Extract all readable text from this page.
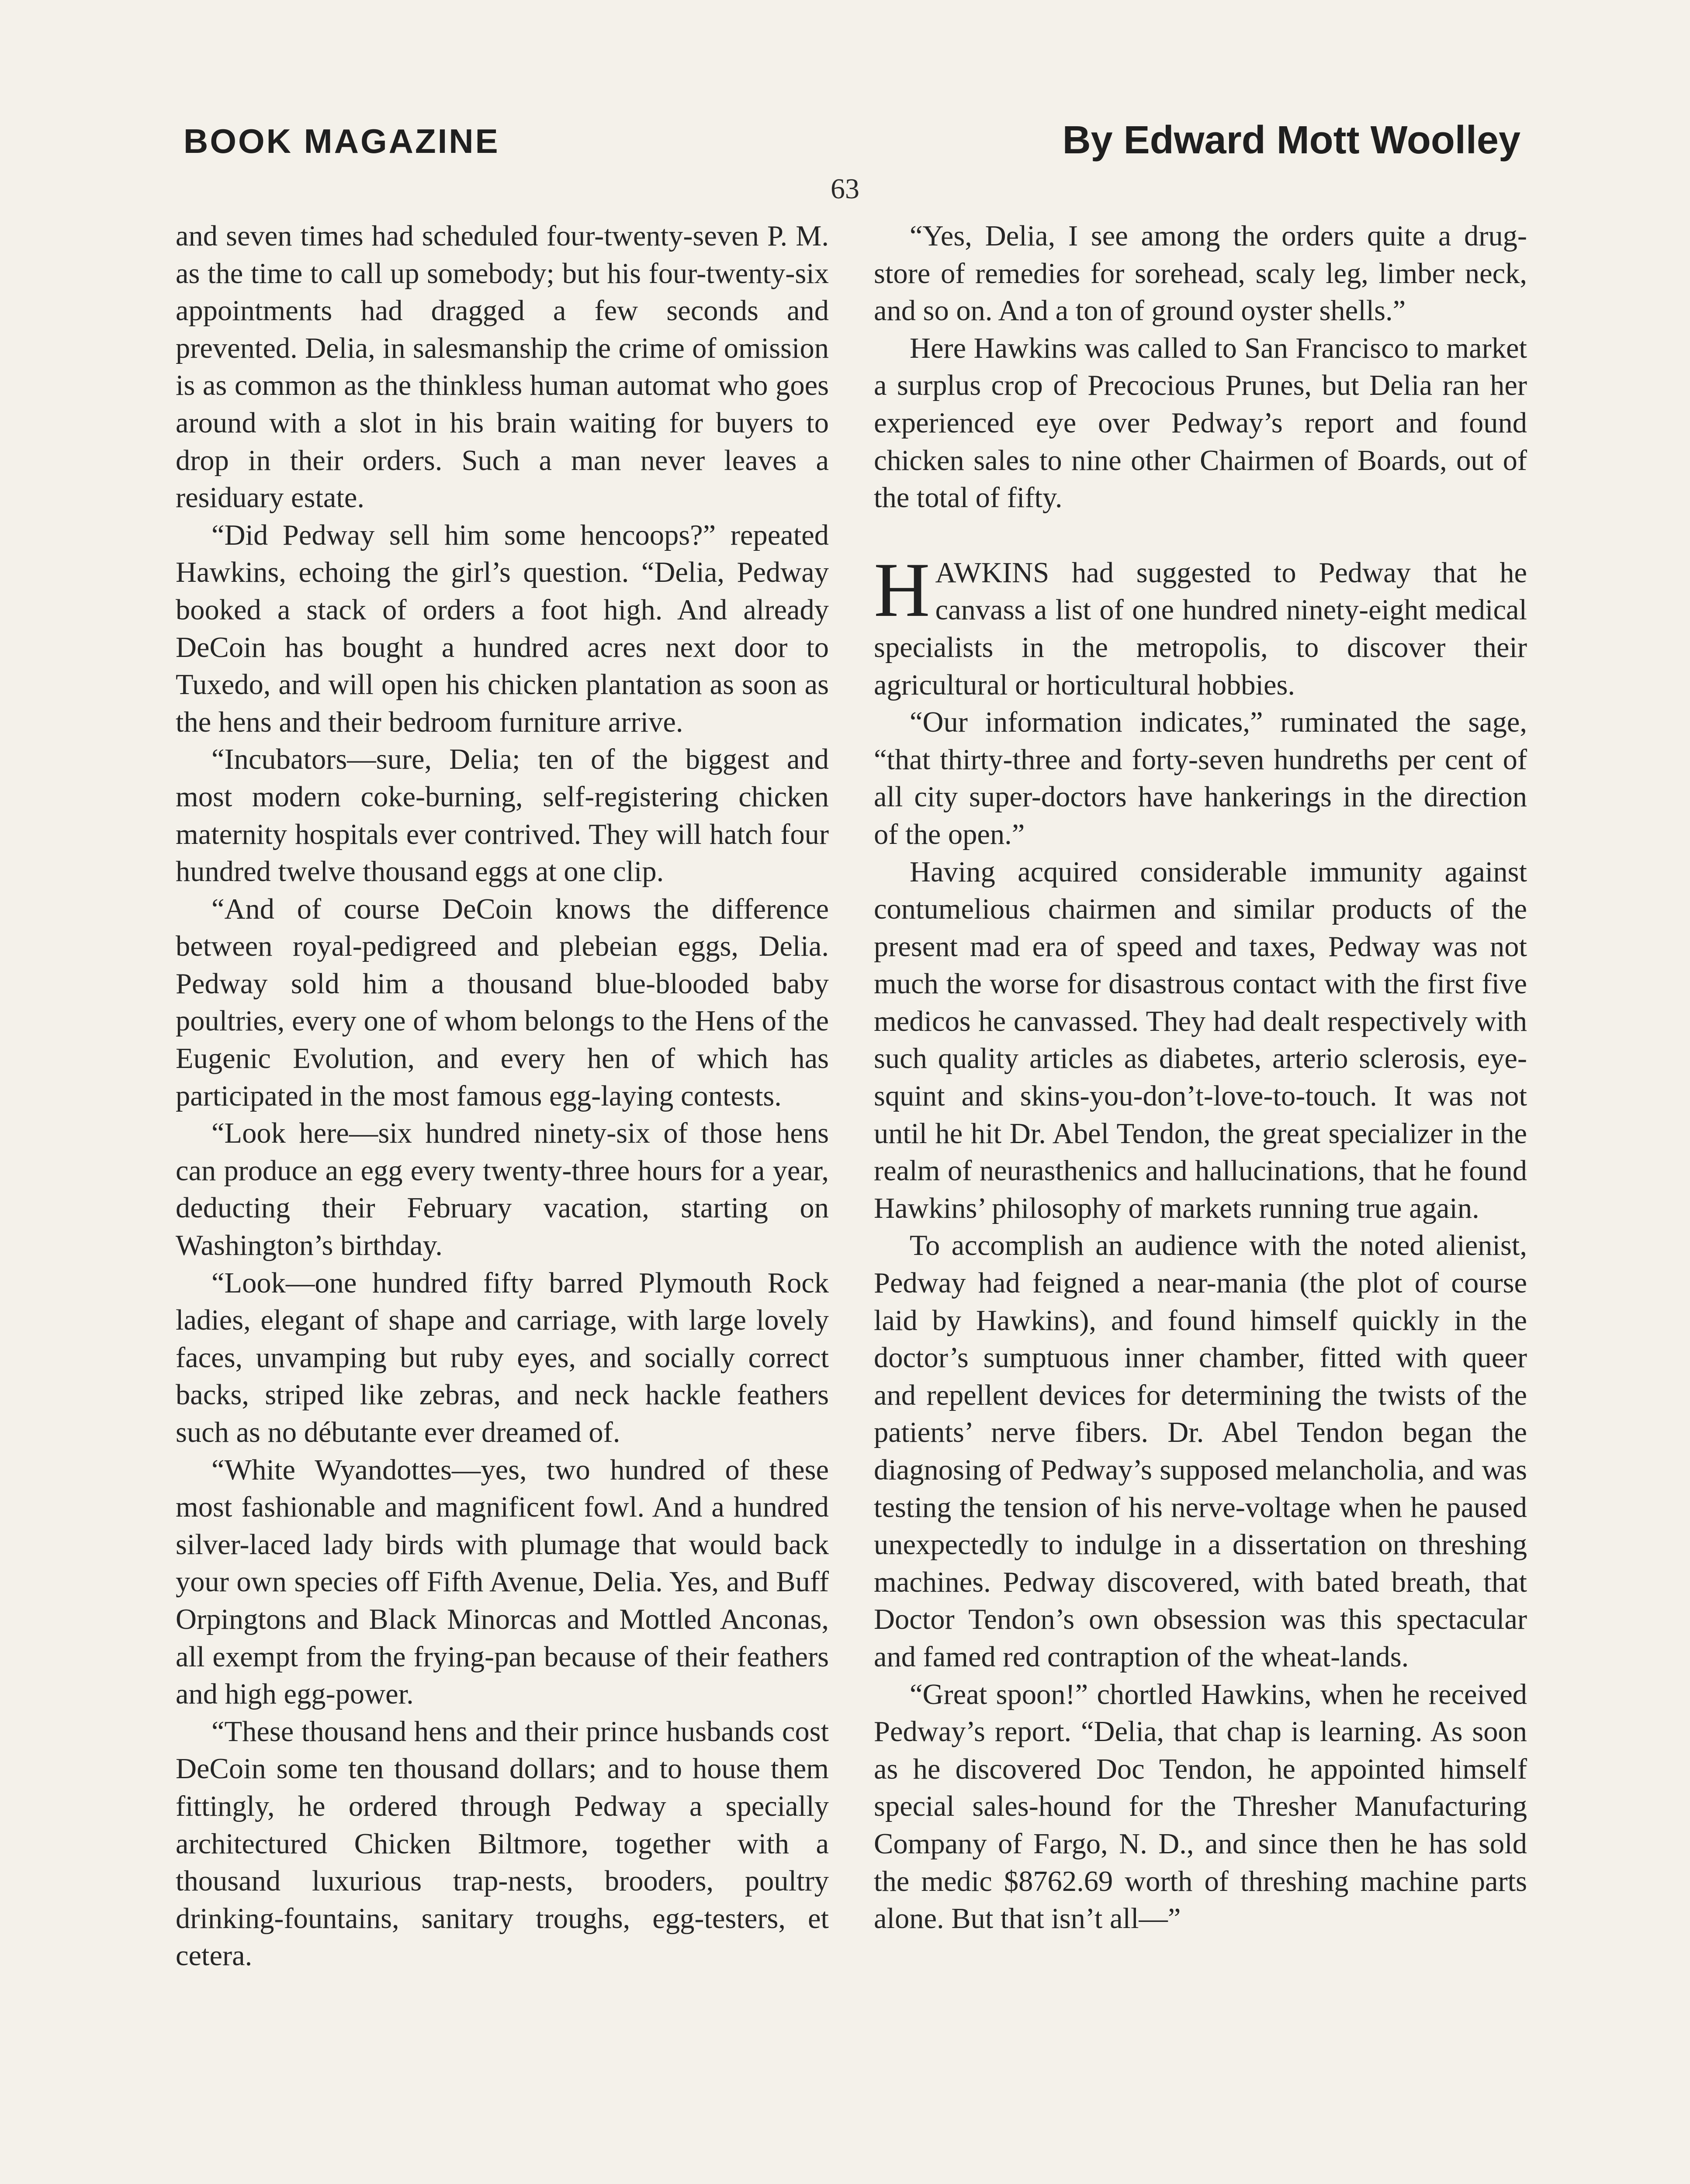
BOOK MAGAZINE	By Edward Mott Woolley
63

and seven times had scheduled four-twenty-seven P. M. as the time to call up somebody; but his four-twenty-six appointments had dragged a few seconds and prevented. Delia, in salesmanship the crime of omission is as common as the thinkless human automat who goes around with a slot in his brain waiting for buyers to drop in their orders. Such a man never leaves a residuary estate.

“Did Pedway sell him some hencoops?” repeated Hawkins, echoing the girl’s question. “Delia, Pedway booked a stack of orders a foot high. And already DeCoin has bought a hundred acres next door to Tuxedo, and will open his chicken plantation as soon as the hens and their bedroom furniture arrive.

“Incubators—sure, Delia; ten of the biggest and most modern coke-burning, self-registering chicken maternity hospitals ever contrived. They will hatch four hundred twelve thousand eggs at one clip.

“And of course DeCoin knows the difference between royal-pedigreed and plebeian eggs, Delia. Pedway sold him a thousand blue-blooded baby poultries, every one of whom belongs to the Hens of the Eugenic Evolution, and every hen of which has participated in the most famous egg-laying contests.

“Look here—six hundred ninety-six of those hens can produce an egg every twenty-three hours for a year, deducting their February vacation, starting on Washington’s birthday.

“Look—one hundred fifty barred Plymouth Rock ladies, elegant of shape and carriage, with large lovely faces, unvamping but ruby eyes, and socially correct backs, striped like zebras, and neck hackle feathers such as no débutante ever dreamed of.

“White Wyandottes—yes, two hundred of these most fashionable and magnificent fowl. And a hundred silver-laced lady birds with plumage that would back your own species off Fifth Avenue, Delia. Yes, and Buff Orpingtons and Black Minorcas and Mottled Anconas, all exempt from the frying-pan because of their feathers and high egg-power.

“These thousand hens and their prince husbands cost DeCoin some ten thousand dollars; and to house them fittingly, he ordered through Pedway a specially architectured Chicken Biltmore, together with a thousand luxurious trap-nests, brooders, poultry drinking-fountains, sanitary troughs, egg-testers, et cetera.

“Yes, Delia, I see among the orders quite a drug-store of remedies for sorehead, scaly leg, limber neck, and so on. And a ton of ground oyster shells.”

Here Hawkins was called to San Francisco to market a surplus crop of Precocious Prunes, but Delia ran her experienced eye over Pedway’s report and found chicken sales to nine other Chairmen of Boards, out of the total of fifty.

HAWKINS had suggested to Pedway that he canvass a list of one hundred ninety-eight medical specialists in the metropolis, to discover their agricultural or horticultural hobbies.

“Our information indicates,” ruminated the sage, “that thirty-three and forty-seven hundreths per cent of all city super-doctors have hankerings in the direction of the open.”

Having acquired considerable immunity against contumelious chairmen and similar products of the present mad era of speed and taxes, Pedway was not much the worse for disastrous contact with the first five medicos he canvassed. They had dealt respectively with such quality articles as diabetes, arterio sclerosis, eye-squint and skins-you-don’t-love-to-touch. It was not until he hit Dr. Abel Tendon, the great specializer in the realm of neurasthenics and hallucinations, that he found Hawkins’ philosophy of markets running true again.

To accomplish an audience with the noted alienist, Pedway had feigned a near-mania (the plot of course laid by Hawkins), and found himself quickly in the doctor’s sumptuous inner chamber, fitted with queer and repellent devices for determining the twists of the patients’ nerve fibers. Dr. Abel Tendon began the diagnosing of Pedway’s supposed melancholia, and was testing the tension of his nerve-voltage when he paused unexpectedly to indulge in a dissertation on threshing machines. Pedway discovered, with bated breath, that Doctor Tendon’s own obsession was this spectacular and famed red contraption of the wheat-lands.

“Great spoon!” chortled Hawkins, when he received Pedway’s report. “Delia, that chap is learning. As soon as he discovered Doc Tendon, he appointed himself special sales-hound for the Thresher Manufacturing Company of Fargo, N. D., and since then he has sold the medic $8762.69 worth of threshing machine parts alone. But that isn’t all—”
